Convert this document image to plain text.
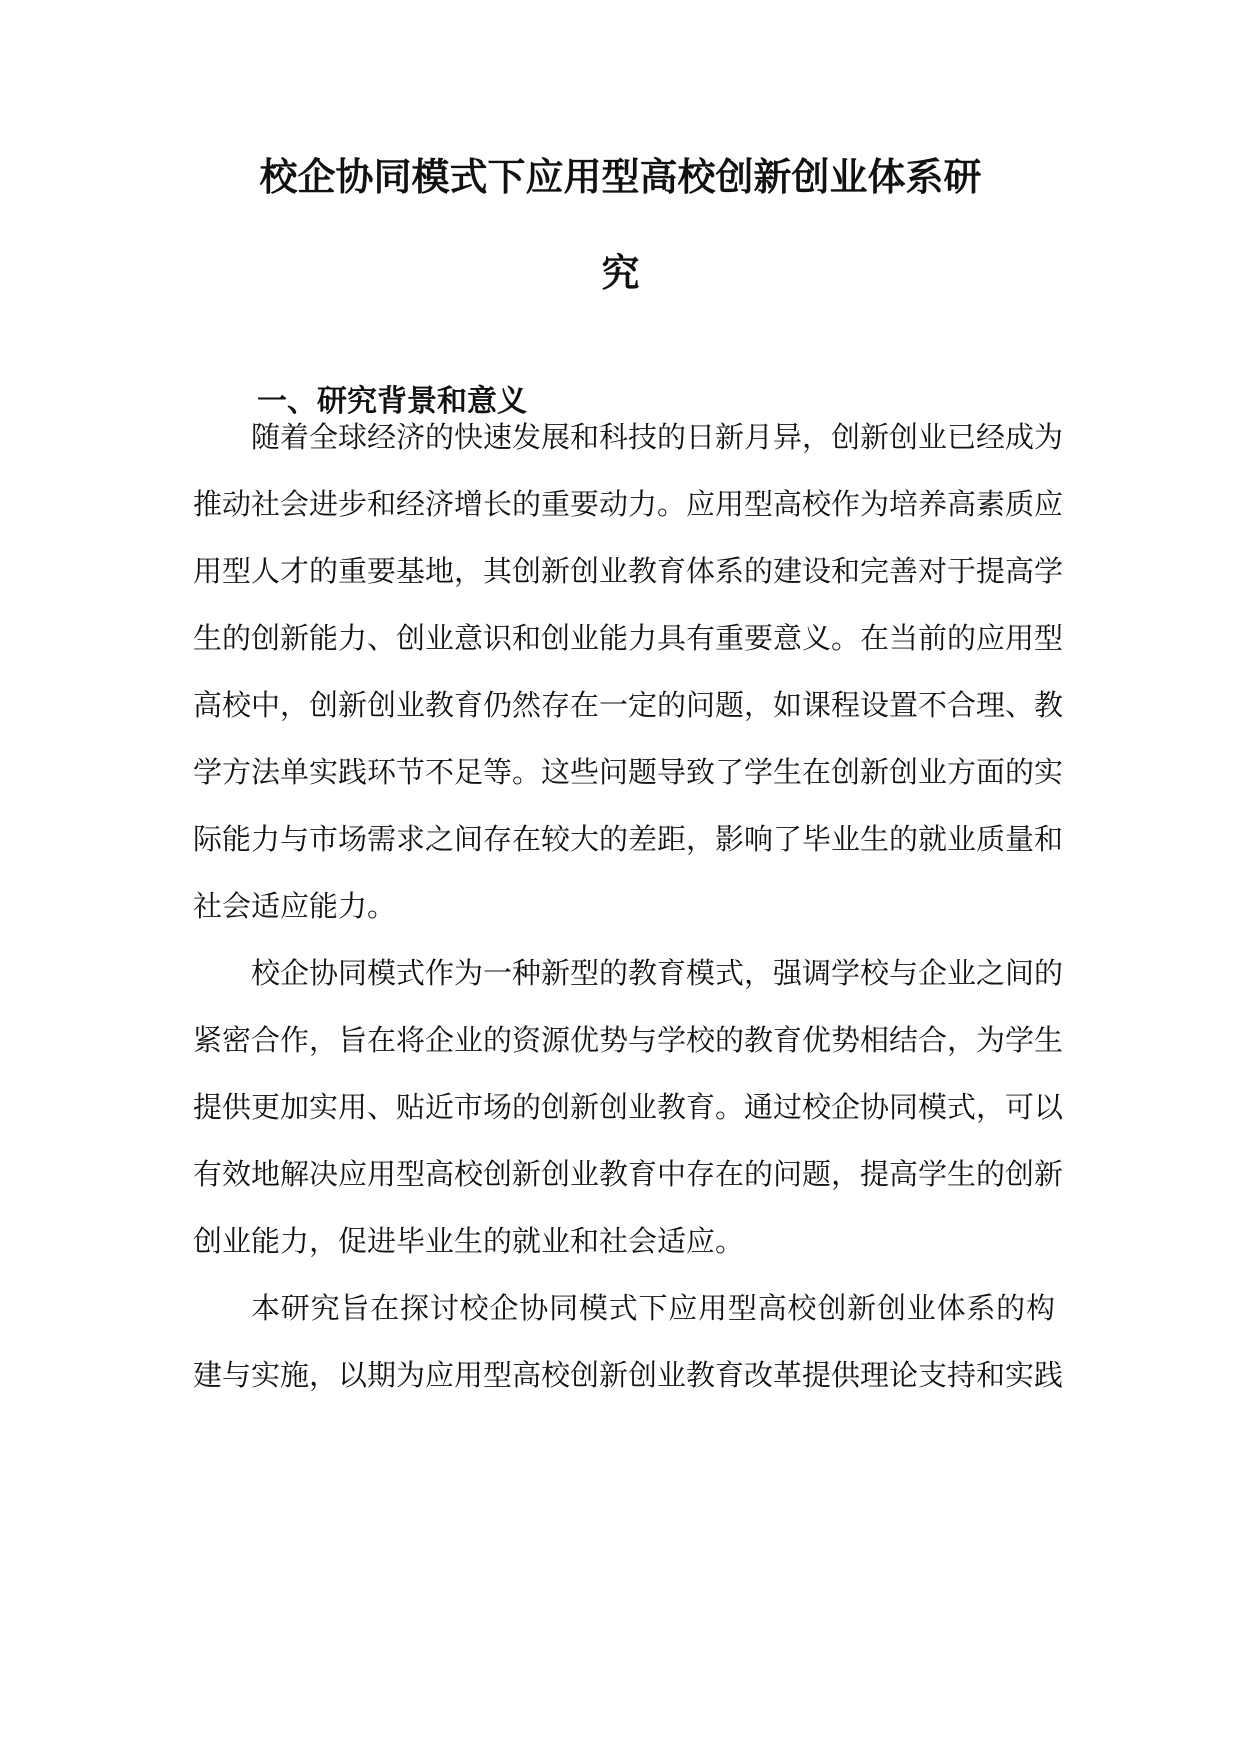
校企协同模式下应用型高校创新创业体系研
究
一、研究背景和意义
随着全球经济的快速发展和科技的日新月异，创新创业已经成为
推动社会进步和经济增长的重要动力。应用型高校作为培养高素质应
用型人才的重要基地，其创新创业教育体系的建设和完善对于提高学
生的创新能力、创业意识和创业能力具有重要意义。在当前的应用型
高校中，创新创业教育仍然存在一定的问题，如课程设置不合理、教
学方法单实践环节不足等。这些问题导致了学生在创新创业方面的实
际能力与市场需求之间存在较大的差距，影响了毕业生的就业质量和
社会适应能力。
校企协同模式作为一种新型的教育模式，强调学校与企业之间的
紧密合作，旨在将企业的资源优势与学校的教育优势相结合，为学生
提供更加实用、贴近市场的创新创业教育。通过校企协同模式，可以
有效地解决应用型高校创新创业教育中存在的问题，提高学生的创新
创业能力，促进毕业生的就业和社会适应。
本研究旨在探讨校企协同模式下应用型高校创新创业体系的构
建与实施，以期为应用型高校创新创业教育改革提供理论支持和实践
